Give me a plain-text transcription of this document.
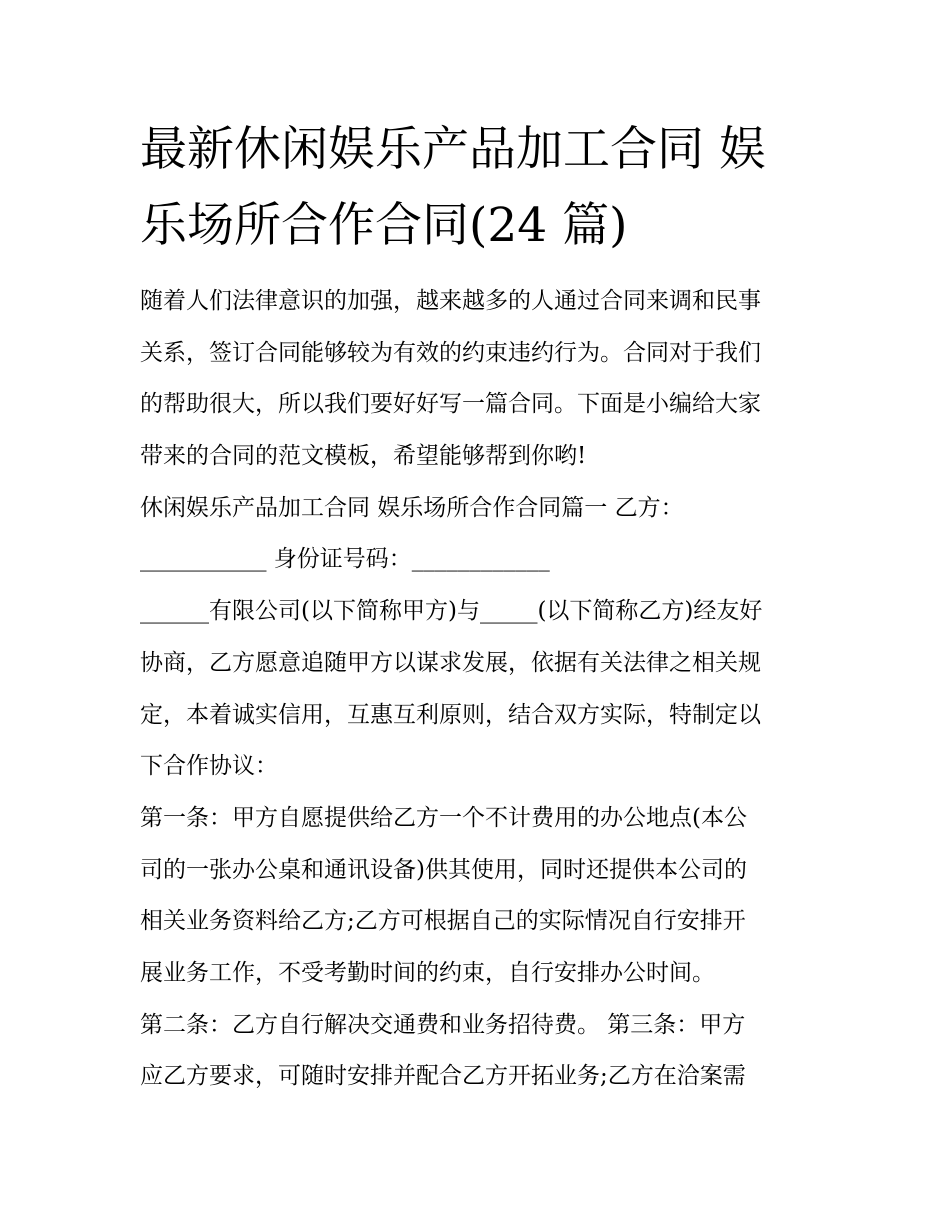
最新休闲娱乐产品加工合同 娱
乐场所合作合同(24 篇)
随着人们法律意识的加强，越来越多的人通过合同来调和民事
关系，签订合同能够较为有效的约束违约行为。合同对于我们
的帮助很大，所以我们要好好写一篇合同。下面是小编给大家
带来的合同的范文模板，希望能够帮到你哟!
休闲娱乐产品加工合同 娱乐场所合作合同篇一 乙方：
___________ 身份证号码：____________
______有限公司(以下简称甲方)与_____(以下简称乙方)经友好
协商，乙方愿意追随甲方以谋求发展，依据有关法律之相关规
定，本着诚实信用，互惠互利原则，结合双方实际，特制定以
下合作协议：
第一条：甲方自愿提供给乙方一个不计费用的办公地点(本公
司的一张办公桌和通讯设备)供其使用，同时还提供本公司的
相关业务资料给乙方;乙方可根据自己的实际情况自行安排开
展业务工作，不受考勤时间的约束，自行安排办公时间。
第二条：乙方自行解决交通费和业务招待费。 第三条：甲方
应乙方要求，可随时安排并配合乙方开拓业务;乙方在洽案需
